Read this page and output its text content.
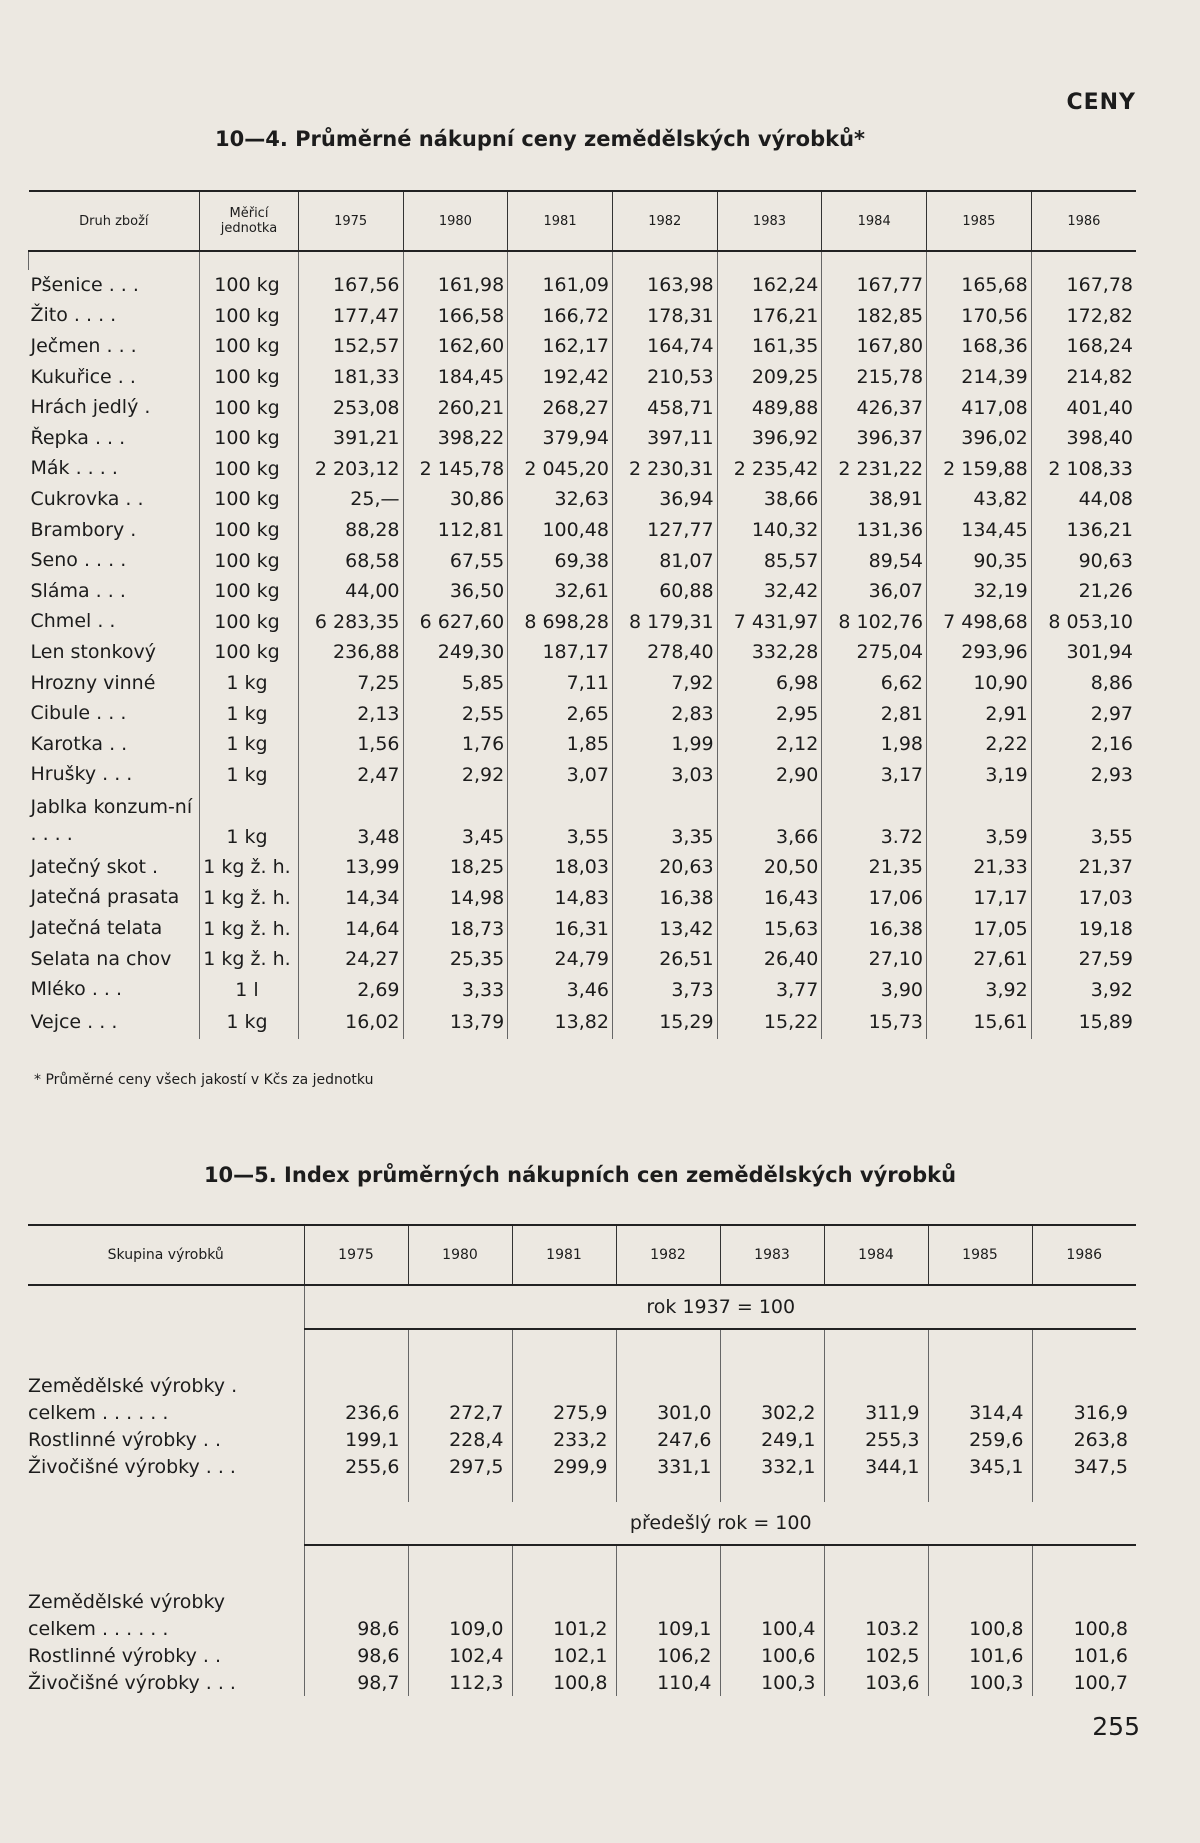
CENY
10—4. Průměrné nákupní ceny zemědělských výrobků*
Druh zboží	Měřicí jednotka	1975	1980	1981	1982	1983	1984	1985	1986

Pšenice . . .	100 kg	167,56	161,98	161,09	163,98	162,24	167,77	165,68	167,78
Žito . . . .	100 kg	177,47	166,58	166,72	178,31	176,21	182,85	170,56	172,82
Ječmen . . .	100 kg	152,57	162,60	162,17	164,74	161,35	167,80	168,36	168,24
Kukuřice . .	100 kg	181,33	184,45	192,42	210,53	209,25	215,78	214,39	214,82
Hrách jedlý .	100 kg	253,08	260,21	268,27	458,71	489,88	426,37	417,08	401,40
Řepka . . .	100 kg	391,21	398,22	379,94	397,11	396,92	396,37	396,02	398,40
Mák . . . .	100 kg	2 203,12	2 145,78	2 045,20	2 230,31	2 235,42	2 231,22	2 159,88	2 108,33
Cukrovka . .	100 kg	25,—	30,86	32,63	36,94	38,66	38,91	43,82	44,08
Brambory .	100 kg	88,28	112,81	100,48	127,77	140,32	131,36	134,45	136,21
Seno . . . .	100 kg	68,58	67,55	69,38	81,07	85,57	89,54	90,35	90,63
Sláma . . .	100 kg	44,00	36,50	32,61	60,88	32,42	36,07	32,19	21,26
Chmel . .	100 kg	6 283,35	6 627,60	8 698,28	8 179,31	7 431,97	8 102,76	7 498,68	8 053,10
Len stonkový	100 kg	236,88	249,30	187,17	278,40	332,28	275,04	293,96	301,94
Hrozny vinné	1 kg	7,25	5,85	7,11	7,92	6,98	6,62	10,90	8,86
Cibule . . .	1 kg	2,13	2,55	2,65	2,83	2,95	2,81	2,91	2,97
Karotka . .	1 kg	1,56	1,76	1,85	1,99	2,12	1,98	2,22	2,16
Hrušky . . .	1 kg	2,47	2,92	3,07	3,03	2,90	3,17	3,19	2,93
Jablka konzum-ní . . . .	1 kg	3,48	3,45	3,55	3,35	3,66	3.72	3,59	3,55
Jatečný skot .	1 kg ž. h.	13,99	18,25	18,03	20,63	20,50	21,35	21,33	21,37
Jatečná prasata	1 kg ž. h.	14,34	14,98	14,83	16,38	16,43	17,06	17,17	17,03
Jatečná telata	1 kg ž. h.	14,64	18,73	16,31	13,42	15,63	16,38	17,05	19,18
Selata na chov	1 kg ž. h.	24,27	25,35	24,79	26,51	26,40	27,10	27,61	27,59
Mléko . . .	1 l	2,69	3,33	3,46	3,73	3,77	3,90	3,92	3,92
Vejce . . .	1 kg	16,02	13,79	13,82	15,29	15,22	15,73	15,61	15,89
* Průměrné ceny všech jakostí v Kčs za jednotku
10—5. Index průměrných nákupních cen zemědělských výrobků
Skupina výrobků	1975	1980	1981	1982	1983	1984	1985	1986
	rok 1937 = 100							

Zemědělské výrobky .								
celkem . . . . . .	236,6	272,7	275,9	301,0	302,2	311,9	314,4	316,9
Rostlinné výrobky . .	199,1	228,4	233,2	247,6	249,1	255,3	259,6	263,8
Živočišné výrobky . . .	255,6	297,5	299,9	331,1	332,1	344,1	345,1	347,5

	předešlý rok = 100							

Zemědělské výrobky								
celkem . . . . . .	98,6	109,0	101,2	109,1	100,4	103.2	100,8	100,8
Rostlinné výrobky . .	98,6	102,4	102,1	106,2	100,6	102,5	101,6	101,6
Živočišné výrobky . . .	98,7	112,3	100,8	110,4	100,3	103,6	100,3	100,7
255
